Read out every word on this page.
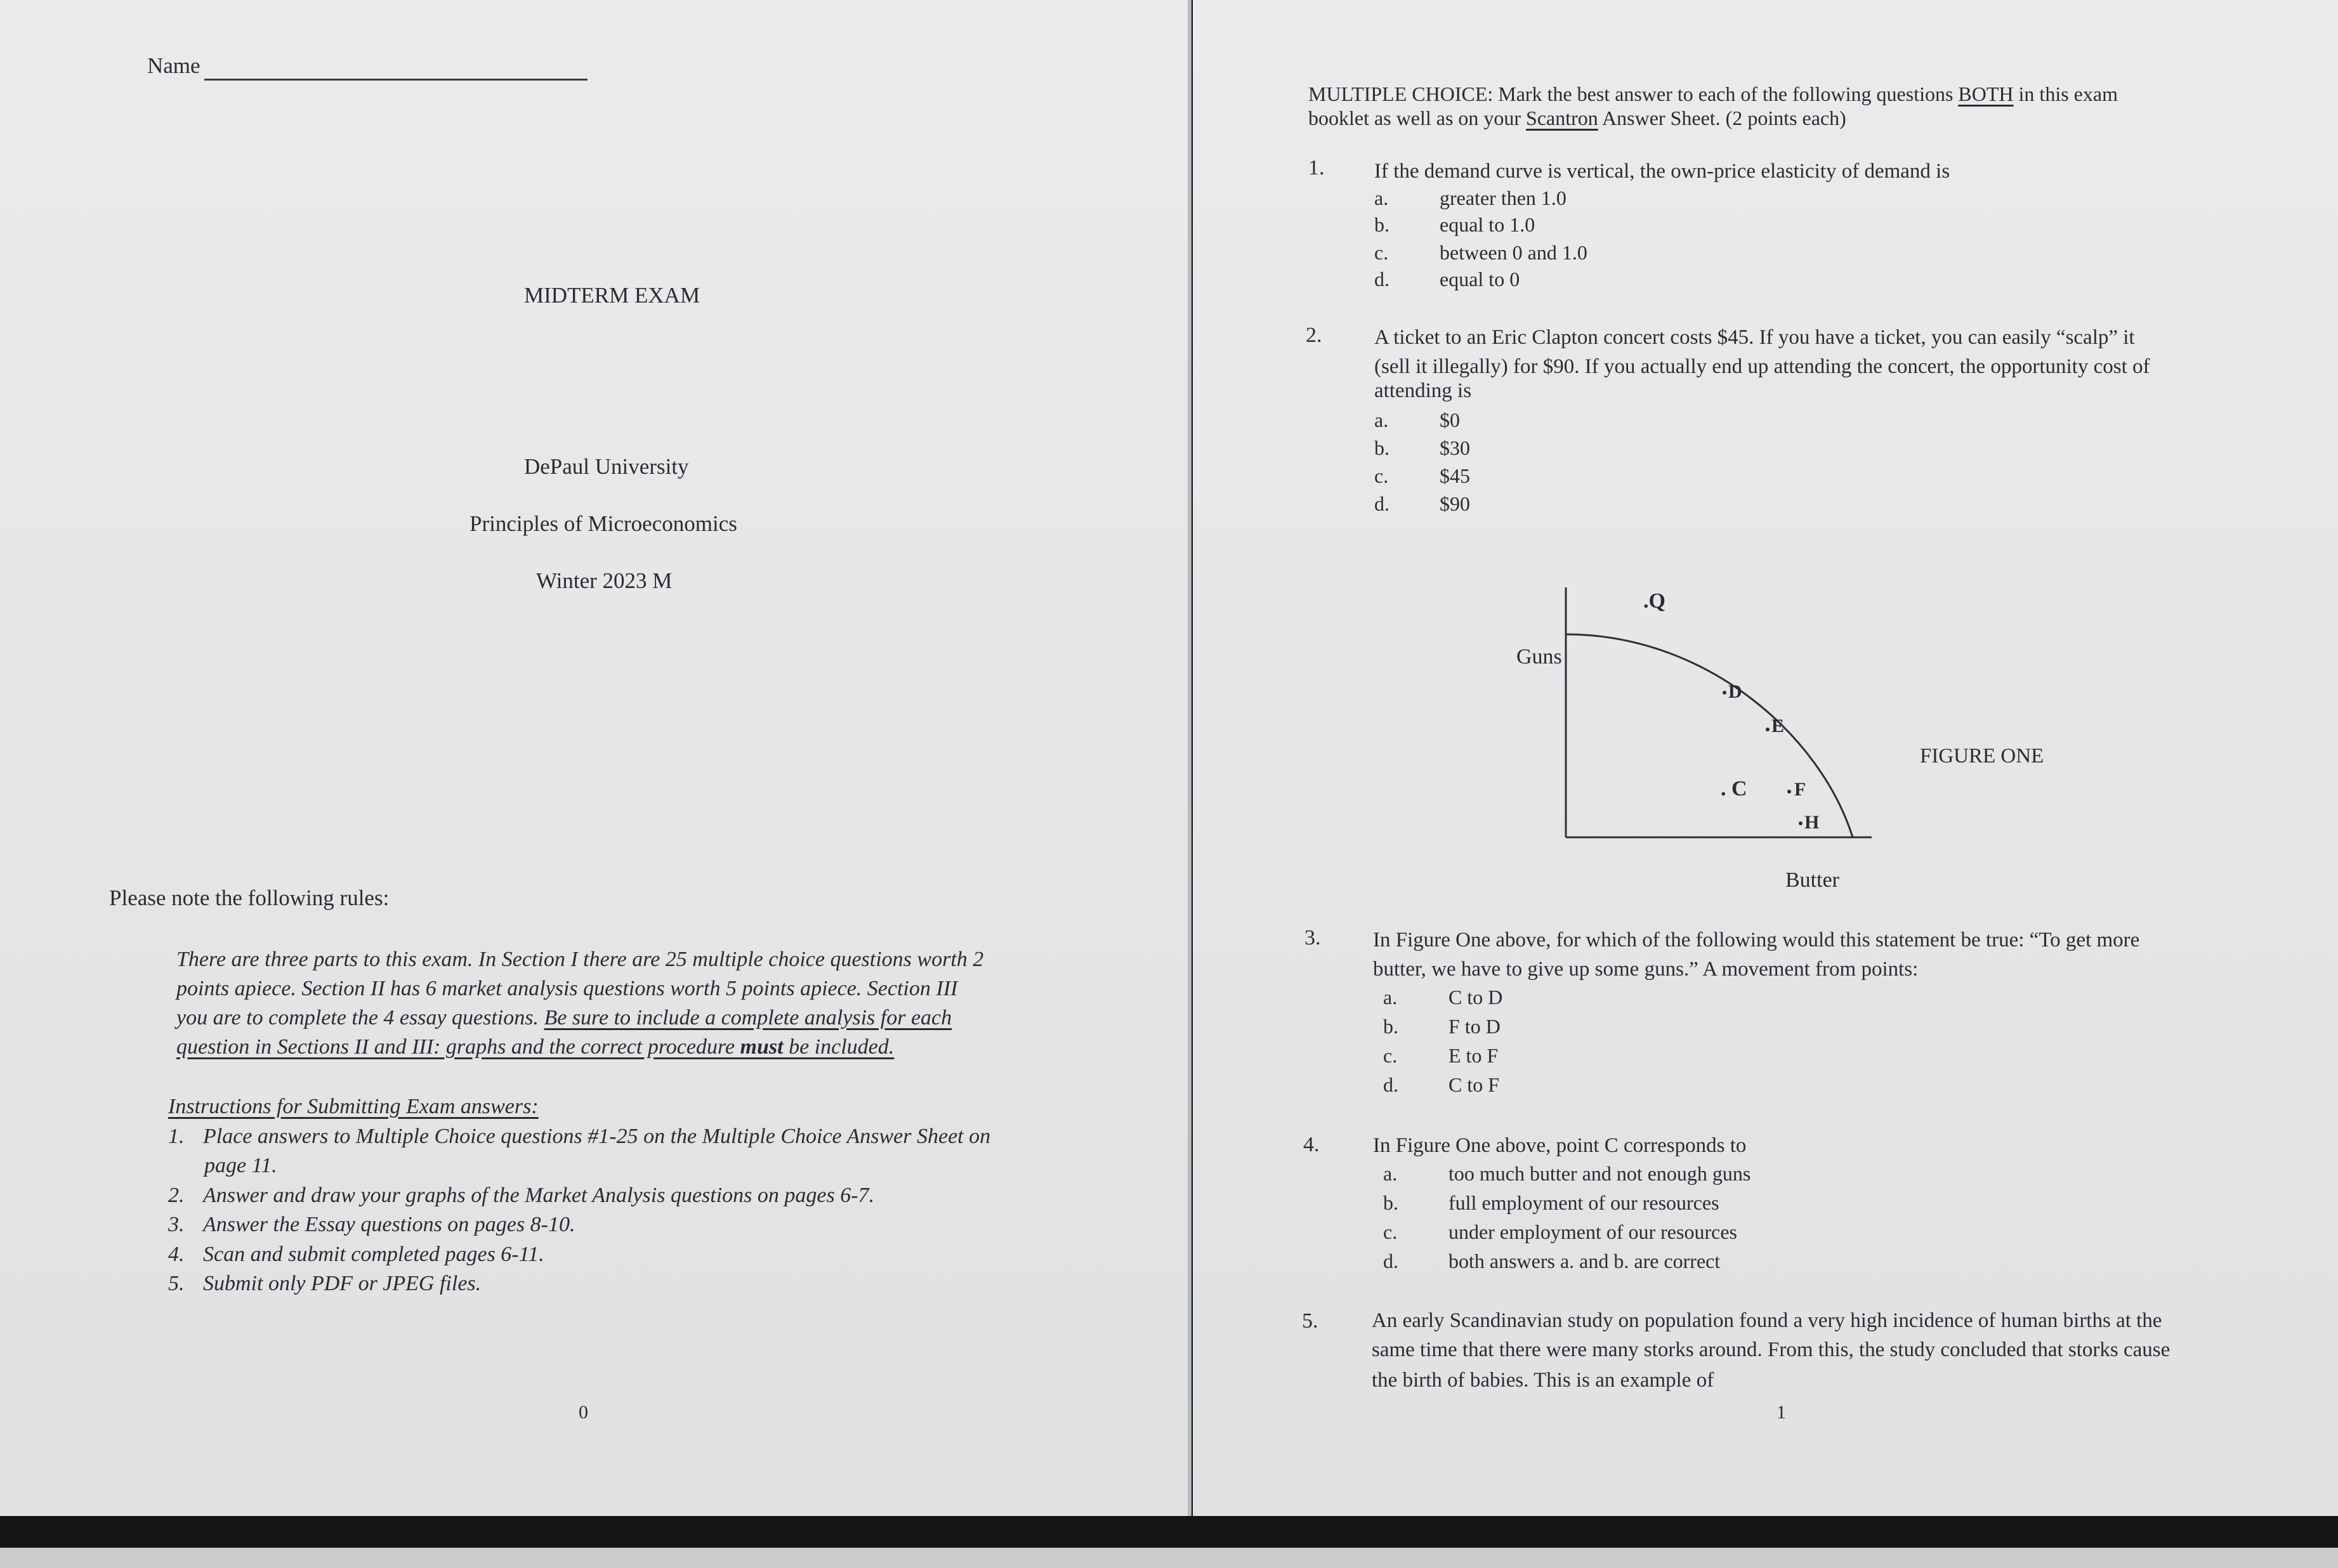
Name
MIDTERM EXAM
DePaul University
Principles of Microeconomics
Winter 2023 M
Please note the following rules:
There are three parts to this exam. In Section I there are 25 multiple choice questions worth 2
points apiece. Section II has 6 market analysis questions worth 5 points apiece. Section III
you are to complete the 4 essay questions. Be sure to include a complete analysis for each
question in Sections II and III: graphs and the correct procedure must be included.
Instructions for Submitting Exam answers:
1. Place answers to Multiple Choice questions #1-25 on the Multiple Choice Answer Sheet on
page 11.
2. Answer and draw your graphs of the Market Analysis questions on pages 6-7.
3. Answer the Essay questions on pages 8-10.
4. Scan and submit completed pages 6-11.
5. Submit only PDF or JPEG files.
0
MULTIPLE CHOICE: Mark the best answer to each of the following questions BOTH in this exam
booklet as well as on your Scantron Answer Sheet. (2 points each)
1. If the demand curve is vertical, the own-price elasticity of demand is
a.	greater then 1.0
b. equal to 1.0
c.	between 0 and 1.0
d. equal to 0
2.	A ticket to an Eric Clapton concert costs $45. If you have a ticket, you can easily “scalp” it
(sell it illegally) for $90. If you actually end up attending the concert, the opportunity cost of
attending is
a.	$0
b. $30
c.	$45
d. $90
Guns
Butter
.Q
D
E
. C F
H
FIGURE ONE
3.	In Figure One above, for which of the following would this statement be true: “To get more
butter, we have to give up some guns.” A movement from points:
a.	C to D
b. F to D
c.	E to F
d. C to F
4.	In Figure One above, point C corresponds to
a.	too much butter and not enough guns
b. full employment of our resources
c.	under employment of our resources
d. both answers a. and b. are correct
5.	An early Scandinavian study on population found a very high incidence of human births at the
same time that there were many storks around. From this, the study concluded that storks cause
the birth of babies. This is an example of
1
